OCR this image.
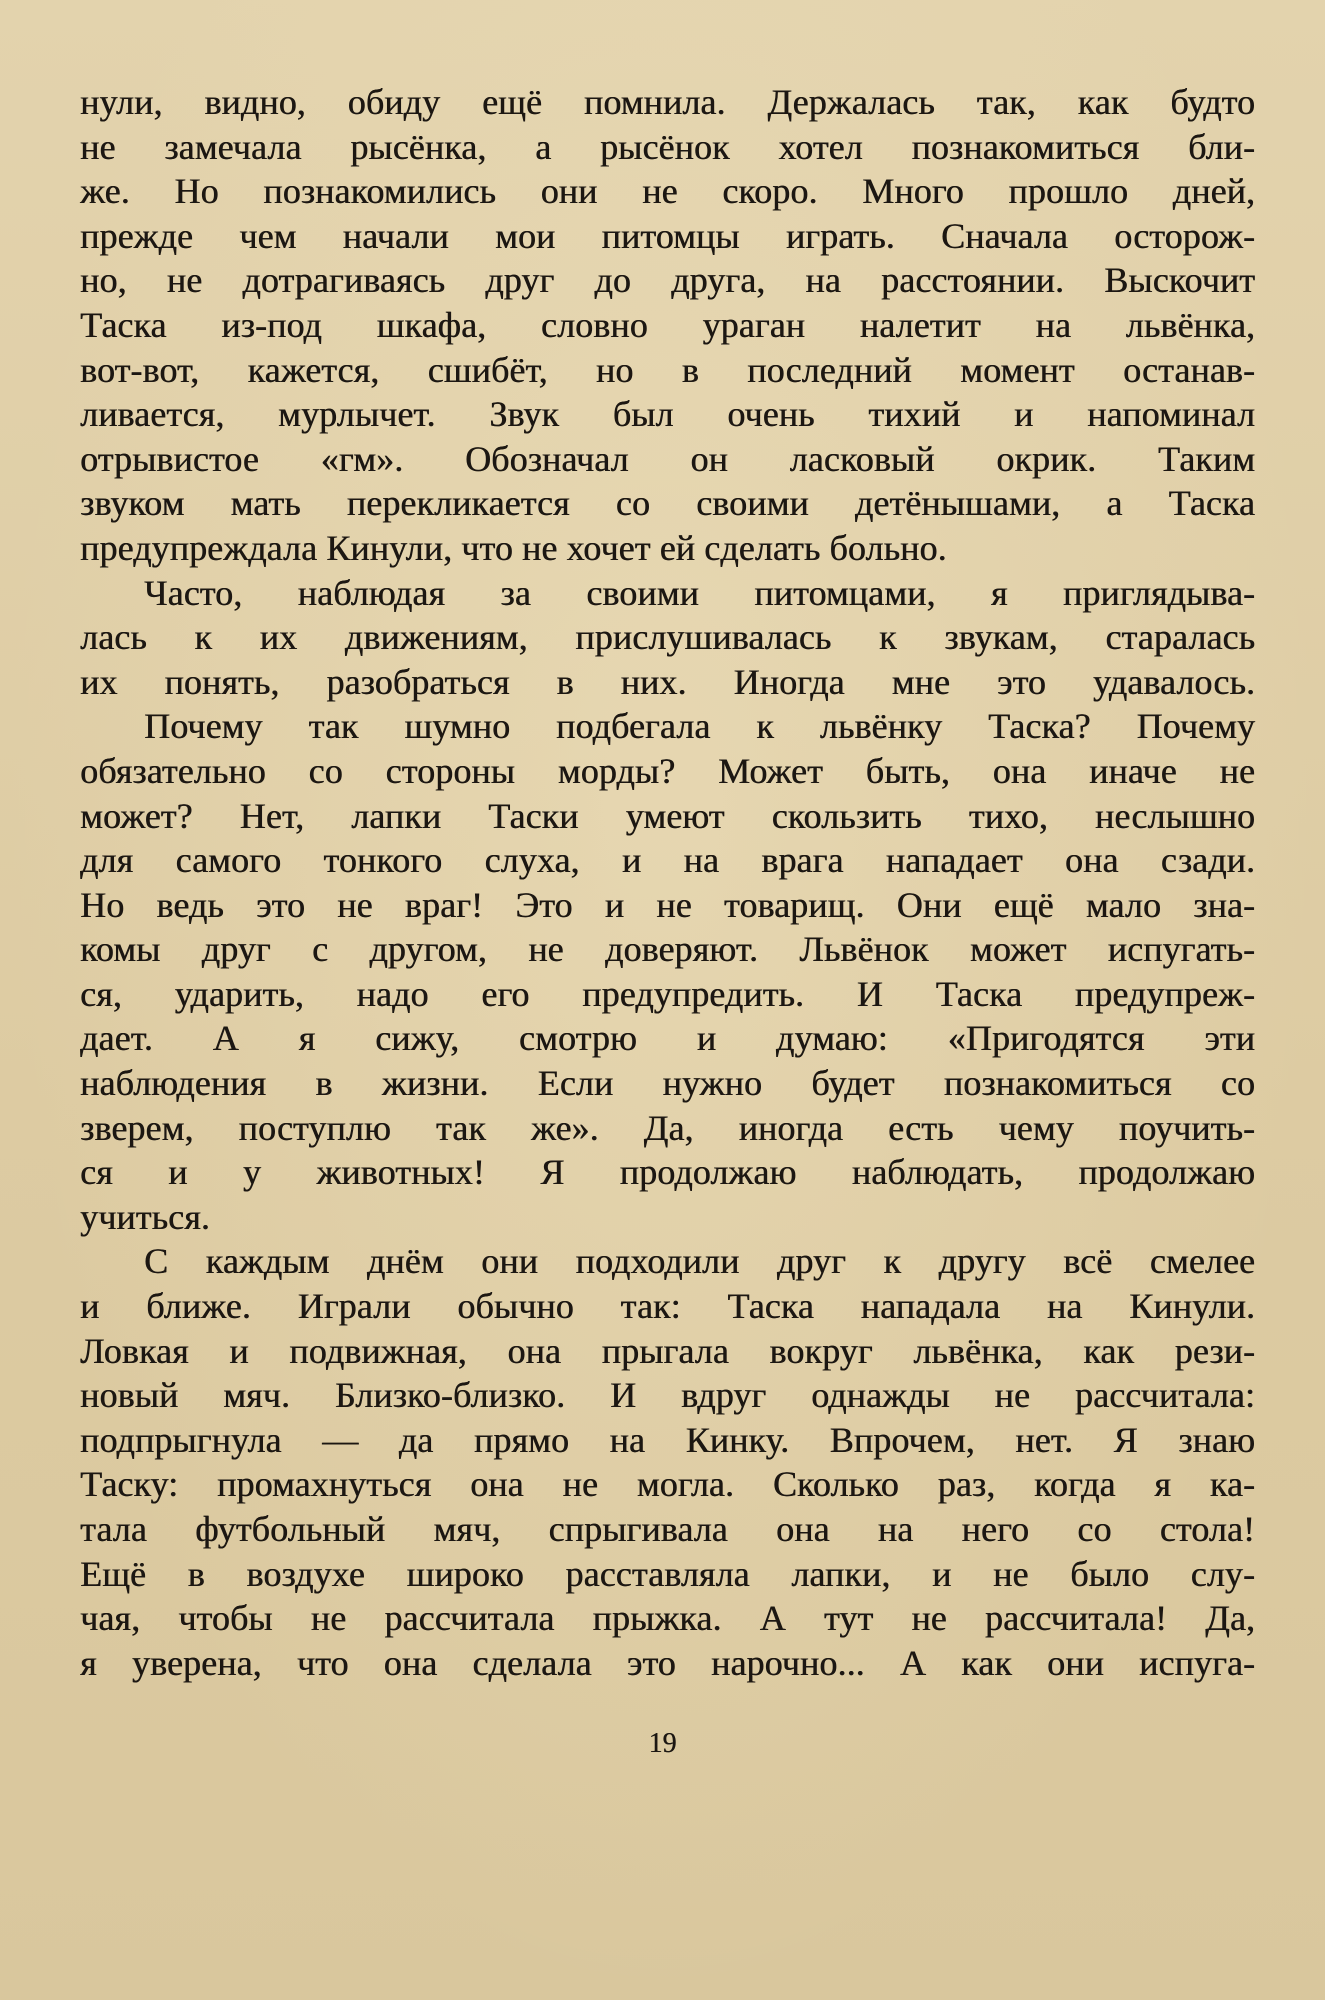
нули, видно, обиду ещё помнила. Держалась так, как будто
не замечала рысёнка, а рысёнок хотел познакомиться бли-
же. Но познакомились они не скоро. Много прошло дней,
прежде чем начали мои питомцы играть. Сначала осторож-
но, не дотрагиваясь друг до друга, на расстоянии. Выскочит
Таска из-под шкафа, словно ураган налетит на львёнка,
вот-вот, кажется, сшибёт, но в последний момент останав-
ливается, мурлычет. Звук был очень тихий и напоминал
отрывистое «гм». Обозначал он ласковый окрик. Таким
звуком мать перекликается со своими детёнышами, а Таска
предупреждала Кинули, что не хочет ей сделать больно.
Часто, наблюдая за своими питомцами, я приглядыва-
лась к их движениям, прислушивалась к звукам, старалась
их понять, разобраться в них. Иногда мне это удавалось.
Почему так шумно подбегала к львёнку Таска? Почему
обязательно со стороны морды? Может быть, она иначе не
может? Нет, лапки Таски умеют скользить тихо, неслышно
для самого тонкого слуха, и на врага нападает она сзади.
Но ведь это не враг! Это и не товарищ. Они ещё мало зна-
комы друг с другом, не доверяют. Львёнок может испугать-
ся, ударить, надо его предупредить. И Таска предупреж-
дает. А я сижу, смотрю и думаю: «Пригодятся эти
наблюдения в жизни. Если нужно будет познакомиться со
зверем, поступлю так же». Да, иногда есть чему поучить-
ся и у животных! Я продолжаю наблюдать, продолжаю
учиться.
С каждым днём они подходили друг к другу всё смелее
и ближе. Играли обычно так: Таска нападала на Кинули.
Ловкая и подвижная, она прыгала вокруг львёнка, как рези-
новый мяч. Близко-близко. И вдруг однажды не рассчитала:
подпрыгнула — да прямо на Кинку. Впрочем, нет. Я знаю
Таску: промахнуться она не могла. Сколько раз, когда я ка-
тала футбольный мяч, спрыгивала она на него со стола!
Ещё в воздухе широко расставляла лапки, и не было слу-
чая, чтобы не рассчитала прыжка. А тут не рассчитала! Да,
я уверена, что она сделала это нарочно... А как они испуга-
19
